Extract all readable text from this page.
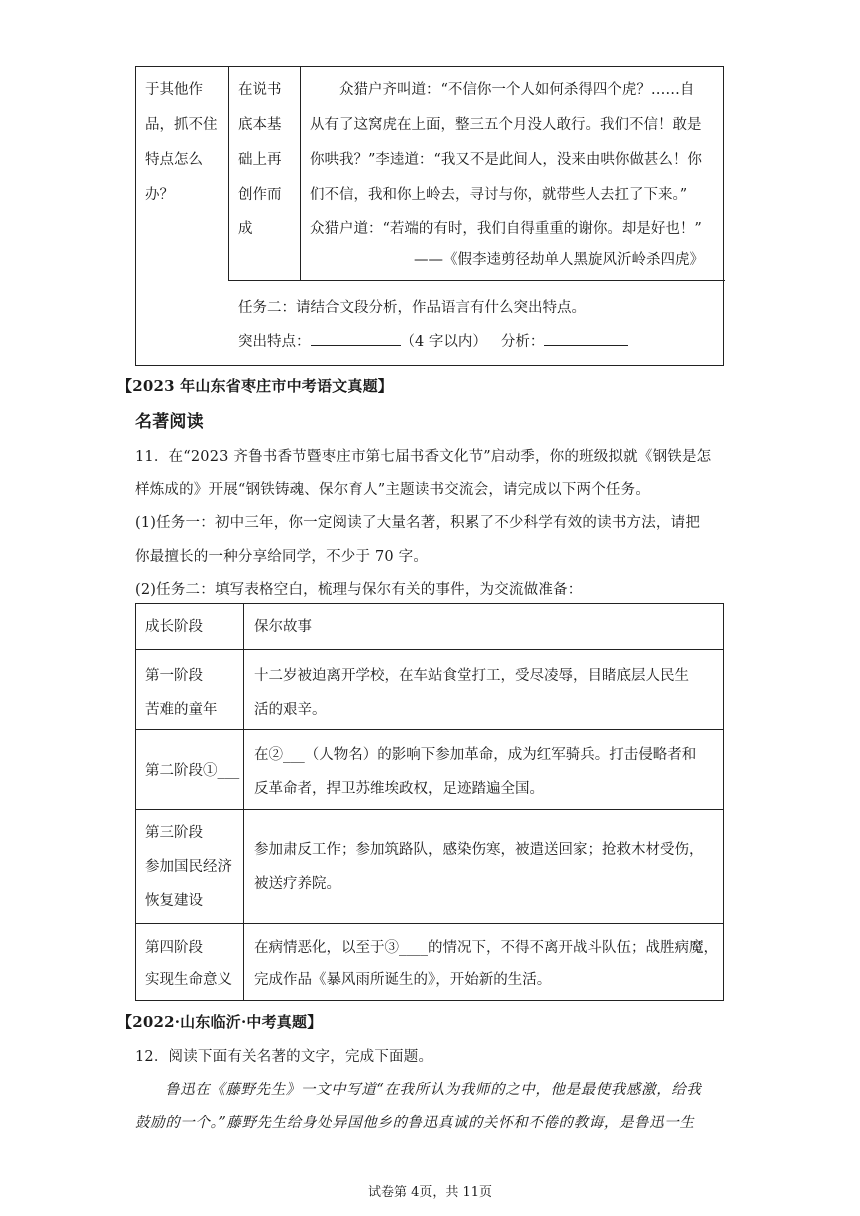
于其他作
品，抓不住
特点怎么
办？
在说书
底本基
础上再
创作而
成
众猎户齐叫道：“不信你一个人如何杀得四个虎？……自
从有了这窝虎在上面，整三五个月没人敢行。我们不信！敢是
你哄我？”李逵道：“我又不是此间人，没来由哄你做甚么！你
们不信，我和你上岭去，寻讨与你，就带些人去扛了下来。”
众猎户道：“若端的有时，我们自得重重的谢你。却是好也！”
——《假李逵剪径劫单人黑旋风沂岭杀四虎》
任务二：请结合文段分析，作品语言有什么突出特点。
突出特点：	（4 字以内） 分析：
【2023 年山东省枣庄市中考语文真题】
名著阅读
11．在“2023 齐鲁书香节暨枣庄市第七届书香文化节”启动季，你的班级拟就《钢铁是怎
样炼成的》开展“钢铁铸魂、保尔育人”主题读书交流会，请完成以下两个任务。
(1)任务一：初中三年，你一定阅读了大量名著，积累了不少科学有效的读书方法，请把
你最擅长的一种分享给同学，不少于 70 字。
(2)任务二：填写表格空白，梳理与保尔有关的事件，为交流做准备：
成长阶段	保尔故事
第一阶段
苦难的童年
十二岁被迫离开学校，在车站食堂打工，受尽凌辱，目睹底层人民生
活的艰辛。
第二阶段①___
在②___（人物名）的影响下参加革命，成为红军骑兵。打击侵略者和
反革命者，捍卫苏维埃政权，足迹踏遍全国。
第三阶段
参加国民经济
恢复建设
参加肃反工作；参加筑路队，感染伤寒，被遣送回家；抢救木材受伤，
被送疗养院。
第四阶段
实现生命意义
在病情恶化，以至于③____的情况下，不得不离开战斗队伍；战胜病魔，
完成作品《暴风雨所诞生的》，开始新的生活。
【2022·山东临沂·中考真题】
12．阅读下面有关名著的文字，完成下面题。
鲁迅在《藤野先生》一文中写道“在我所认为我师的之中，他是最使我感激，给我
鼓励的一个。”藤野先生给身处异国他乡的鲁迅真诚的关怀和不倦的教诲，是鲁迅一生
试卷第 4页，共 11页
